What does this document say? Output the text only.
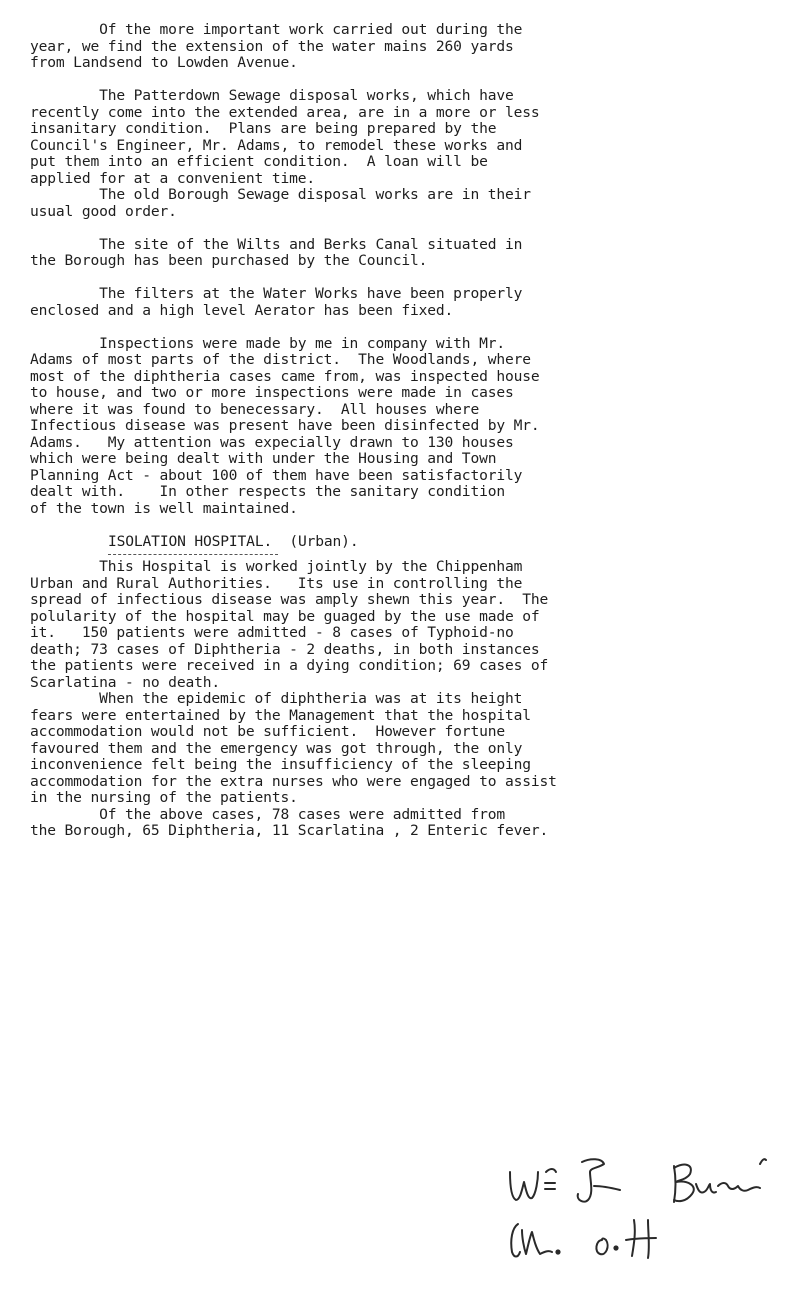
Of the more important work carried out during the
year, we find the extension of the water mains 260 yards
from Landsend to Lowden Avenue.
The Patterdown Sewage disposal works, which have
recently come into the extended area, are in a more or less
insanitary condition.  Plans are being prepared by the
Council's Engineer, Mr. Adams, to remodel these works and
put them into an efficient condition.  A loan will be
applied for at a convenient time.
The old Borough Sewage disposal works are in their
usual good order.
The site of the Wilts and Berks Canal situated in
the Borough has been purchased by the Council.
The filters at the Water Works have been properly
enclosed and a high level Aerator has been fixed.
Inspections were made by me in company with Mr.
Adams of most parts of the district.  The Woodlands, where
most of the diphtheria cases came from, was inspected house
to house, and two or more inspections were made in cases
where it was found to benecessary.  All houses where
Infectious disease was present have been disinfected by Mr.
Adams.   My attention was expecially drawn to 130 houses
which were being dealt with under the Housing and Town
Planning Act - about 100 of them have been satisfactorily
dealt with.    In other respects the sanitary condition
of the town is well maintained.
ISOLATION HOSPITAL.  (Urban).
This Hospital is worked jointly by the Chippenham
Urban and Rural Authorities.   Its use in controlling the
spread of infectious disease was amply shewn this year.  The
polularity of the hospital may be guaged by the use made of
it.   150 patients were admitted - 8 cases of Typhoid-no
death; 73 cases of Diphtheria - 2 deaths, in both instances
the patients were received in a dying condition; 69 cases of
Scarlatina - no death.
When the epidemic of diphtheria was at its height
fears were entertained by the Management that the hospital
accommodation would not be sufficient.  However fortune
favoured them and the emergency was got through, the only
inconvenience felt being the insufficiency of the sleeping
accommodation for the extra nurses who were engaged to assist
in the nursing of the patients.
Of the above cases, 78 cases were admitted from
the Borough, 65 Diphtheria, 11 Scarlatina , 2 Enteric fever.
